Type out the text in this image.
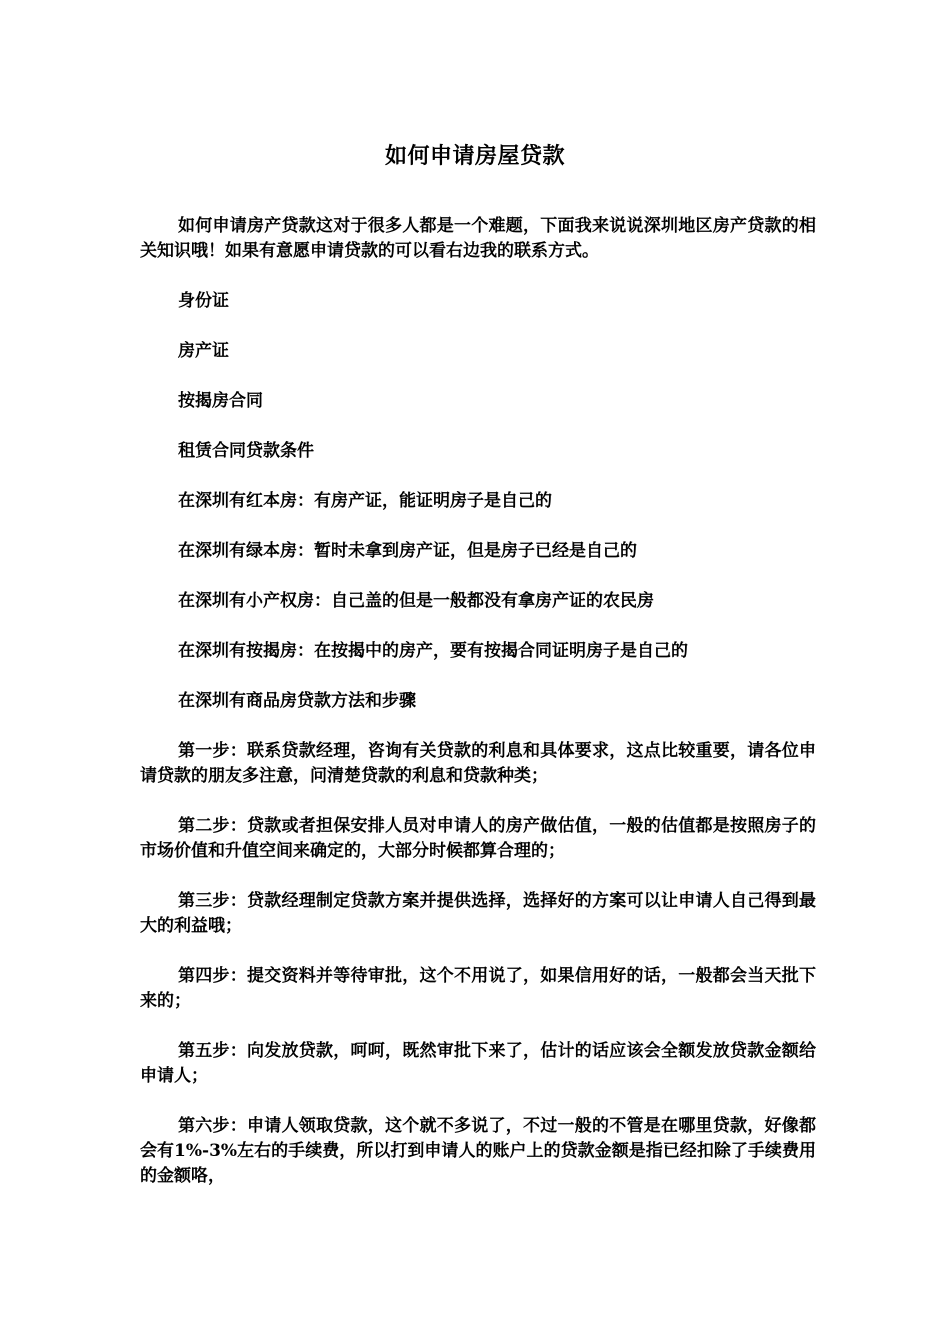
如何申请房屋贷款

如何申请房产贷款这对于很多人都是一个难题，下面我来说说深圳地区房产贷款的相关知识哦！如果有意愿申请贷款的可以看右边我的联系方式。

身份证

房产证

按揭房合同

租赁合同贷款条件

在深圳有红本房：有房产证，能证明房子是自己的

在深圳有绿本房：暂时未拿到房产证，但是房子已经是自己的

在深圳有小产权房：自己盖的但是一般都没有拿房产证的农民房

在深圳有按揭房：在按揭中的房产，要有按揭合同证明房子是自己的

在深圳有商品房贷款方法和步骤

第一步：联系贷款经理，咨询有关贷款的利息和具体要求，这点比较重要，请各位申请贷款的朋友多注意，问清楚贷款的利息和贷款种类；

第二步：贷款或者担保安排人员对申请人的房产做估值，一般的估值都是按照房子的市场价值和升值空间来确定的，大部分时候都算合理的；

第三步：贷款经理制定贷款方案并提供选择，选择好的方案可以让申请人自己得到最大的利益哦；

第四步：提交资料并等待审批，这个不用说了，如果信用好的话，一般都会当天批下来的；

第五步：向发放贷款，呵呵，既然审批下来了，估计的话应该会全额发放贷款金额给申请人；

第六步：申请人领取贷款，这个就不多说了，不过一般的不管是在哪里贷款，好像都会有1%-3%左右的手续费，所以打到申请人的账户上的贷款金额是指已经扣除了手续费用的金额咯，
